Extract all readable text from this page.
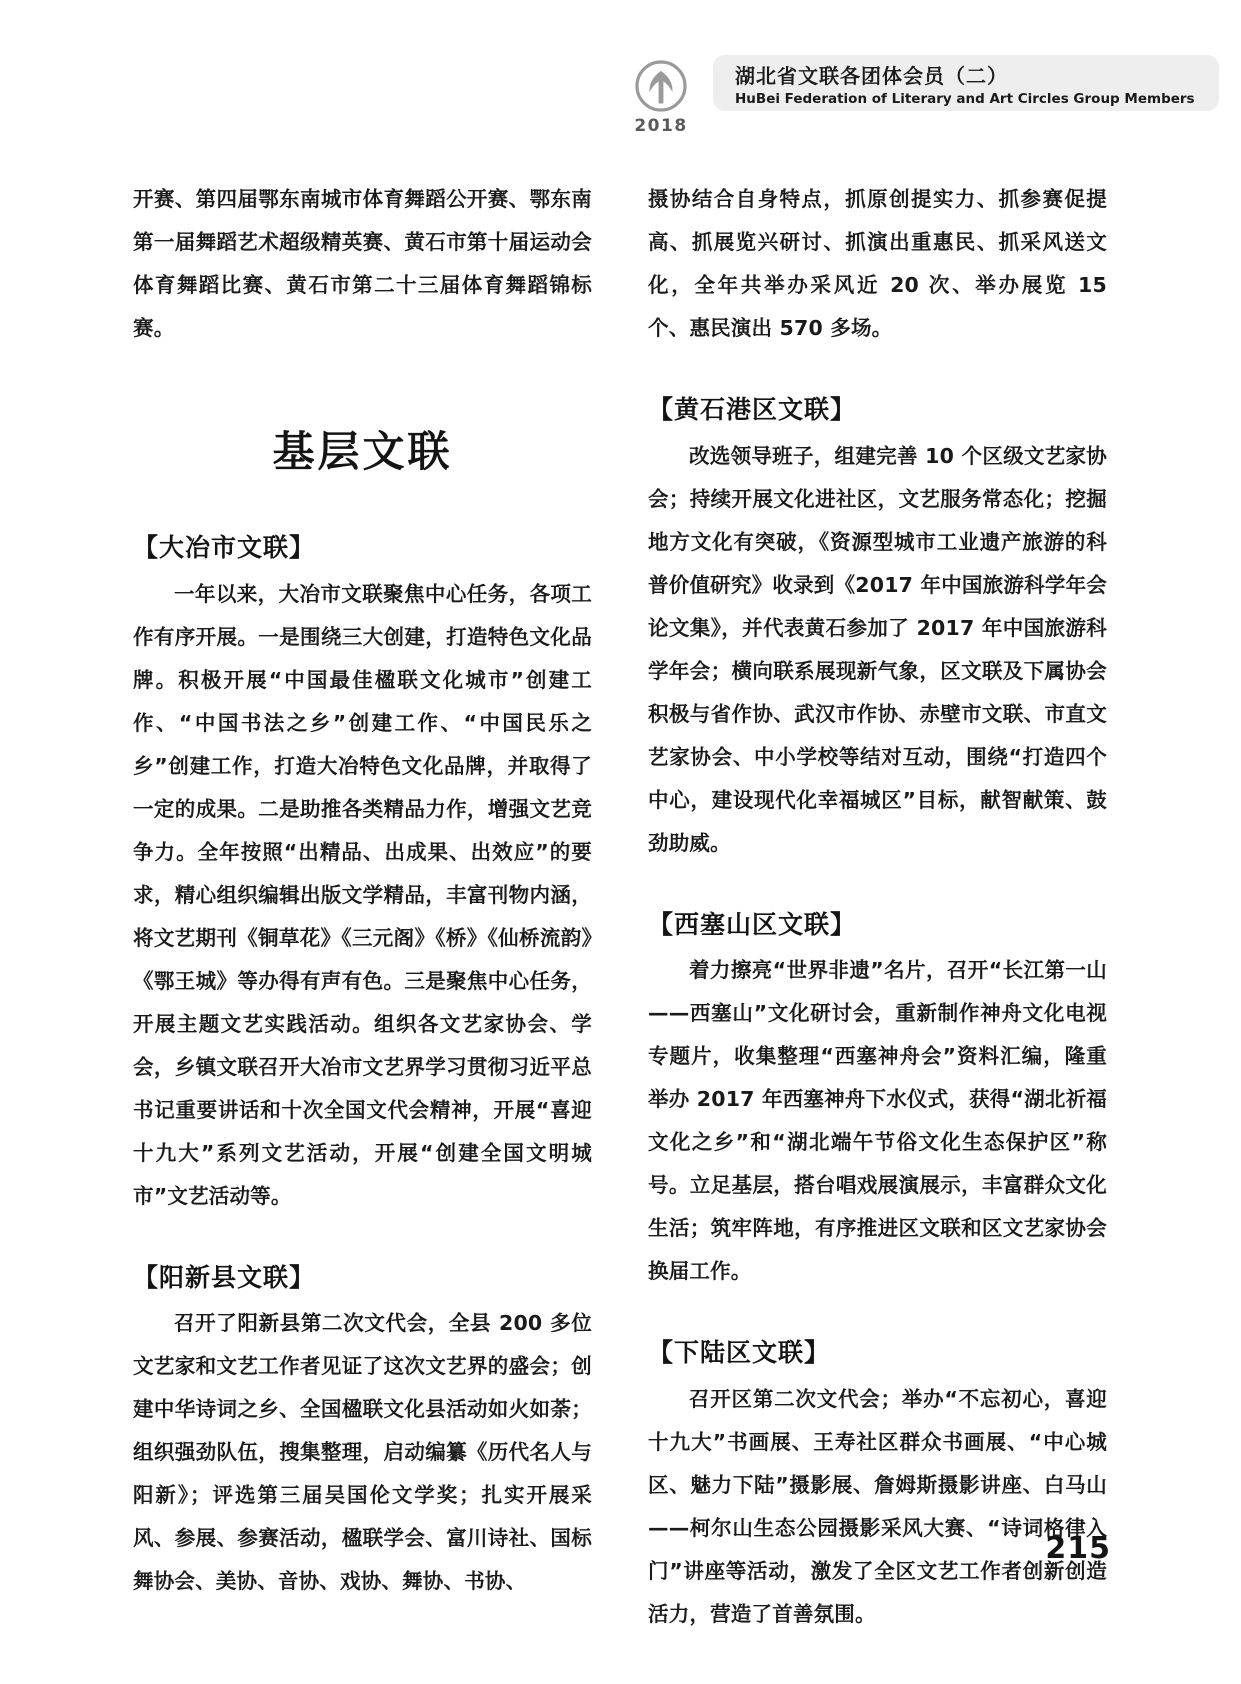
2018
湖北省文联各团体会员（二）
HuBei Federation of Literary and Art Circles Group Members

开赛、第四届鄂东南城市体育舞蹈公开赛、鄂东南第一届舞蹈艺术超级精英赛、黄石市第十届运动会体育舞蹈比赛、黄石市第二十三届体育舞蹈锦标赛。

基层文联
【大冶市文联】

一年以来，大冶市文联聚焦中心任务，各项工作有序开展。一是围绕三大创建，打造特色文化品牌。积极开展“中国最佳楹联文化城市”创建工作、“中国书法之乡”创建工作、“中国民乐之乡”创建工作，打造大冶特色文化品牌，并取得了一定的成果。二是助推各类精品力作，增强文艺竞争力。全年按照“出精品、出成果、出效应”的要求，精心组织编辑出版文学精品，丰富刊物内涵，将文艺期刊《铜草花》《三元阁》《桥》《仙桥流韵》《鄂王城》等办得有声有色。三是聚焦中心任务，开展主题文艺实践活动。组织各文艺家协会、学会，乡镇文联召开大冶市文艺界学习贯彻习近平总书记重要讲话和十次全国文代会精神，开展“喜迎十九大”系列文艺活动，开展“创建全国文明城市”文艺活动等。

【阳新县文联】

召开了阳新县第二次文代会，全县 200 多位文艺家和文艺工作者见证了这次文艺界的盛会；创建中华诗词之乡、全国楹联文化县活动如火如荼；组织强劲队伍，搜集整理，启动编纂《历代名人与阳新》；评选第三届吴国伦文学奖；扎实开展采风、参展、参赛活动，楹联学会、富川诗社、国标舞协会、美协、音协、戏协、舞协、书协、

摄协结合自身特点，抓原创提实力、抓参赛促提高、抓展览兴研讨、抓演出重惠民、抓采风送文化，全年共举办采风近 20 次、举办展览 15 个、惠民演出 570 多场。

【黄石港区文联】

改选领导班子，组建完善 10 个区级文艺家协会；持续开展文化进社区，文艺服务常态化；挖掘地方文化有突破，《资源型城市工业遗产旅游的科普价值研究》收录到《2017 年中国旅游科学年会论文集》，并代表黄石参加了 2017 年中国旅游科学年会；横向联系展现新气象，区文联及下属协会积极与省作协、武汉市作协、赤壁市文联、市直文艺家协会、中小学校等结对互动，围绕“打造四个中心，建设现代化幸福城区”目标，献智献策、鼓劲助威。

【西塞山区文联】

着力擦亮“世界非遗”名片，召开“长江第一山——西塞山”文化研讨会，重新制作神舟文化电视专题片，收集整理“西塞神舟会”资料汇编，隆重举办 2017 年西塞神舟下水仪式，获得“湖北祈福文化之乡”和“湖北端午节俗文化生态保护区”称号。立足基层，搭台唱戏展演展示，丰富群众文化生活；筑牢阵地，有序推进区文联和区文艺家协会换届工作。

【下陆区文联】

召开区第二次文代会；举办“不忘初心，喜迎十九大”书画展、王寿社区群众书画展、“中心城区、魅力下陆”摄影展、詹姆斯摄影讲座、白马山——柯尔山生态公园摄影采风大赛、“诗词格律入门”讲座等活动，激发了全区文艺工作者创新创造活力，营造了首善氛围。

215
